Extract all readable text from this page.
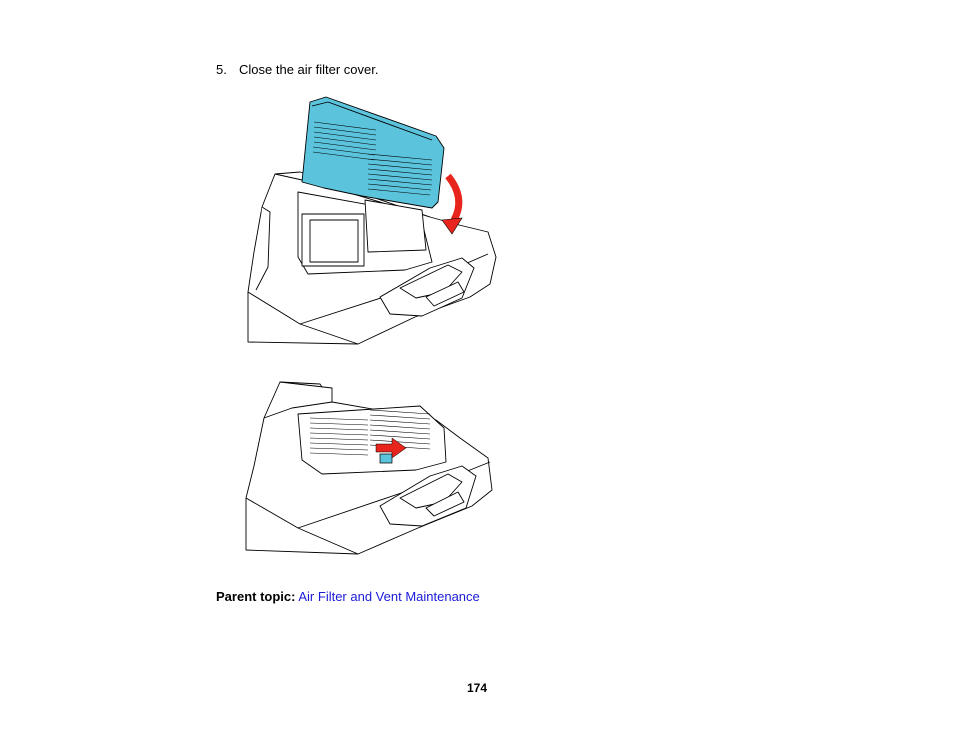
5. Close the air filter cover.
Parent topic: Air Filter and Vent Maintenance
174
